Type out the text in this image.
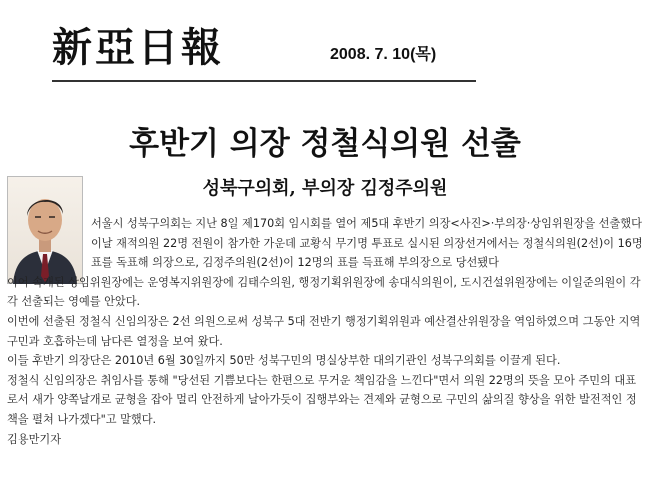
新亞日報	2008. 7. 10(목)
후반기 의장 정철식의원 선출
성북구의회, 부의장 김정주의원

서울시 성북구의회는 지난 8일 제170회 임시회를 열어 제5대 후반기 의장<사진>·부의장·상임위원장을 선출했다

이날 재적의원 22명 전원이 참가한 가운데 교황식 무기명 투표로 실시된 의장선거에서는 정철식의원(2선)이 16명 표를 독표해 의장으로, 김정주의원(2선)이 12명의 표를 득표해 부의장으로 당선됐다

이어 속개된 상임위원장에는 운영복지위원장에 김태수의원, 행정기획위원장에 송대식의원이, 도시건설위원장에는 이일준의원이 각각 선출되는 영예를 안았다.

이번에 선출된 정철식 신임의장은 2선 의원으로써 성북구 5대 전반기 행정기획위원과 예산결산위원장을 역임하였으며 그동안 지역구민과 호흡하는데 남다른 열정을 보여 왔다.

이들 후반기 의장단은 2010년 6월 30일까지 50만 성북구민의 명실상부한 대의기관인 성북구의회를 이끌게 된다.

정철식 신임의장은 취임사를 통해 "당선된 기쁨보다는 한편으로 무거운 책임감을 느낀다"면서 의원 22명의 뜻을 모아 주민의 대표로서 새가 양쪽날개로 균형을 잡아 멀리 안전하게 날아가듯이 집행부와는 견제와 균형으로 구민의 삶의질 향상을 위한 발전적인 정책을 펼쳐 나가겠다"고 말했다.

김용만기자
